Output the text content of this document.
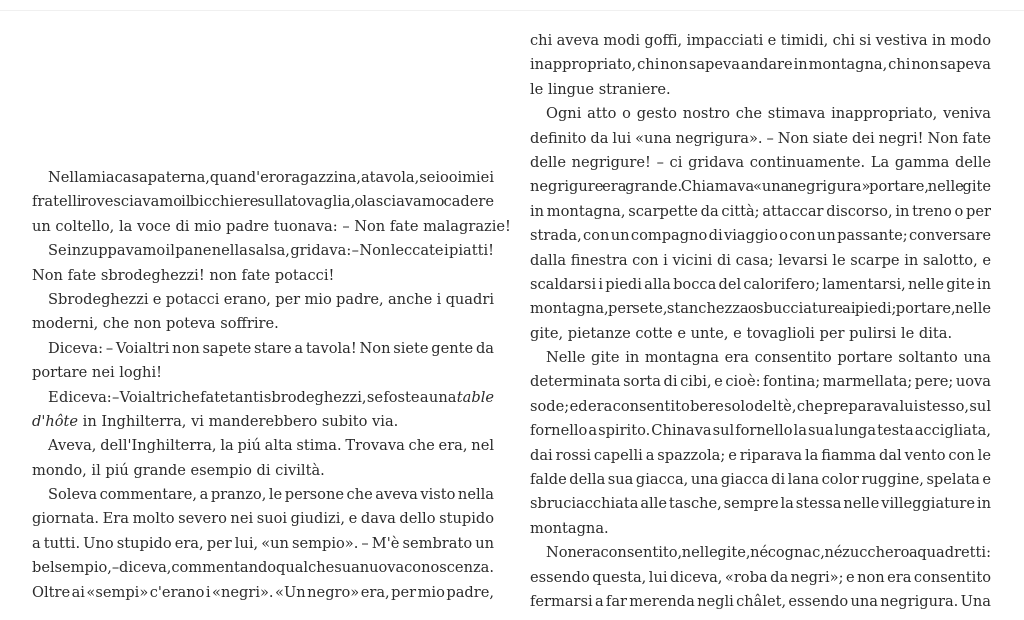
Nella mia casa paterna, quand'ero ragazzina, a tavola, se io o i miei
fratelli rovesciavamo il bicchiere sulla tovaglia, o lasciavamo cadere
un coltello, la voce di mio padre tuonava: – Non fate malagrazie!
Se inzuppavamo il pane nella salsa, gridava: – Non leccate i piatti!
Non fate sbrodeghezzi! non fate potacci!
Sbrodeghezzi e potacci erano, per mio padre, anche i quadri
moderni, che non poteva soffrire.
Diceva: – Voialtri non sapete stare a tavola! Non siete gente da
portare nei loghi!
E diceva: – Voialtri che fate tanti sbrodeghezzi, se foste a una table
d'hôte in Inghilterra, vi manderebbero subito via.
Aveva, dell'Inghilterra, la piú alta stima. Trovava che era, nel
mondo, il piú grande esempio di civiltà.
Soleva commentare, a pranzo, le persone che aveva visto nella
giornata. Era molto severo nei suoi giudizi, e dava dello stupido
a tutti. Uno stupido era, per lui, «un sempio». – M'è sembrato un
bel sempio, – diceva, commentando qualche sua nuova conoscenza.
Oltre ai «sempi» c'erano i «negri». «Un negro» era, per mio padre,
chi aveva modi goffi, impacciati e timidi, chi si vestiva in modo
inappropriato, chi non sapeva andare in montagna, chi non sapeva
le lingue straniere.
Ogni atto o gesto nostro che stimava inappropriato, veniva
definito da lui «una negrigura». – Non siate dei negri! Non fate
delle negrigure! – ci gridava continuamente. La gamma delle
negrigure era grande. Chiamava «una negrigura» portare, nelle gite
in montagna, scarpette da città; attaccar discorso, in treno o per
strada, con un compagno di viaggio o con un passante; conversare
dalla finestra con i vicini di casa; levarsi le scarpe in salotto, e
scaldarsi i piedi alla bocca del calorifero; lamentarsi, nelle gite in
montagna, per sete, stanchezza o sbucciature ai piedi; portare, nelle
gite, pietanze cotte e unte, e tovaglioli per pulirsi le dita.
Nelle gite in montagna era consentito portare soltanto una
determinata sorta di cibi, e cioè: fontina; marmellata; pere; uova
sode; ed era consentito bere solo del tè, che preparava lui stesso, sul
fornello a spirito. Chinava sul fornello la sua lunga testa accigliata,
dai rossi capelli a spazzola; e riparava la fiamma dal vento con le
falde della sua giacca, una giacca di lana color ruggine, spelata e
sbruciacchiata alle tasche, sempre la stessa nelle villeggiature in
montagna.
Non era consentito, nelle gite, né cognac, né zucchero a quadretti:
essendo questa, lui diceva, «roba da negri»; e non era consentito
fermarsi a far merenda negli châlet, essendo una negrigura. Una
